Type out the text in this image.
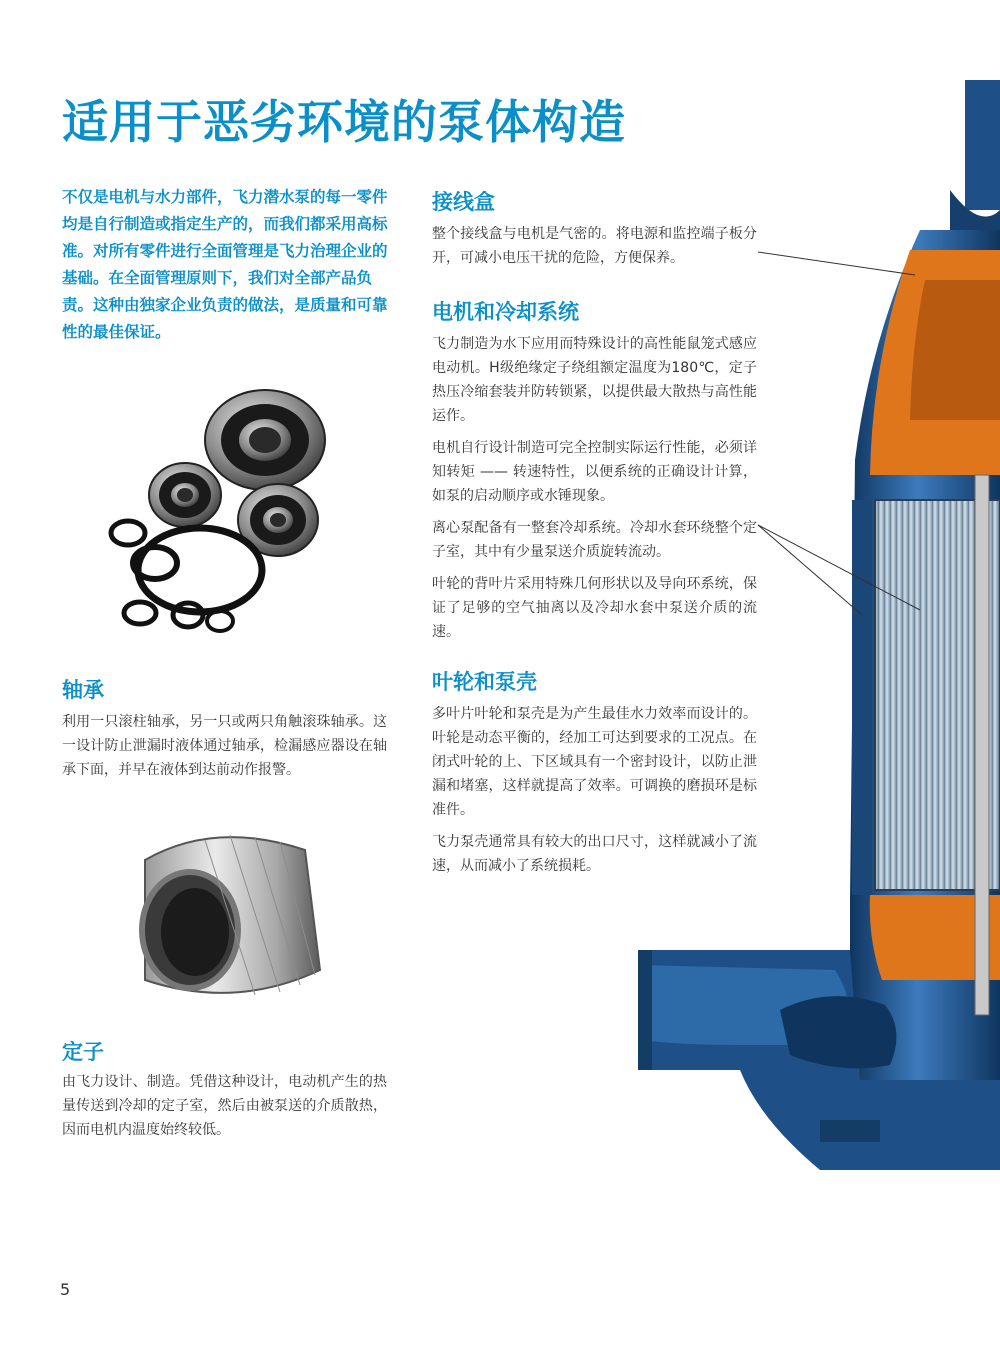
适用于恶劣环境的泵体构造
不仅是电机与水力部件，飞力潜水泵的每一零件均是自行制造或指定生产的，而我们都采用高标准。对所有零件进行全面管理是飞力治理企业的基础。在全面管理原则下，我们对全部产品负责。这种由独家企业负责的做法，是质量和可靠性的最佳保证。
轴承
利用一只滚柱轴承，另一只或两只角触滚珠轴承。这一设计防止泄漏时液体通过轴承，检漏感应器设在轴承下面，并早在液体到达前动作报警。
定子
由飞力设计、制造。凭借这种设计，电动机产生的热量传送到冷却的定子室，然后由被泵送的介质散热，因而电机内温度始终较低。
接线盒
整个接线盒与电机是气密的。将电源和监控端子板分开，可减小电压干扰的危险，方便保养。
电机和冷却系统

飞力制造为水下应用而特殊设计的高性能鼠笼式感应电动机。H级绝缘定子绕组额定温度为180℃，定子热压冷缩套装并防转锁紧，以提供最大散热与高性能运作。

电机自行设计制造可完全控制实际运行性能，必须详知转矩 —— 转速特性，以便系统的正确设计计算，如泵的启动顺序或水锤现象。

离心泵配备有一整套冷却系统。冷却水套环绕整个定子室，其中有少量泵送介质旋转流动。

叶轮的背叶片采用特殊几何形状以及导向环系统，保证了足够的空气抽离以及冷却水套中泵送介质的流速。

叶轮和泵壳

多叶片叶轮和泵壳是为产生最佳水力效率而设计的。叶轮是动态平衡的，经加工可达到要求的工况点。在闭式叶轮的上、下区域具有一个密封设计，以防止泄漏和堵塞，这样就提高了效率。可调换的磨损环是标准件。

飞力泵壳通常具有较大的出口尺寸，这样就减小了流速，从而减小了系统损耗。

5
